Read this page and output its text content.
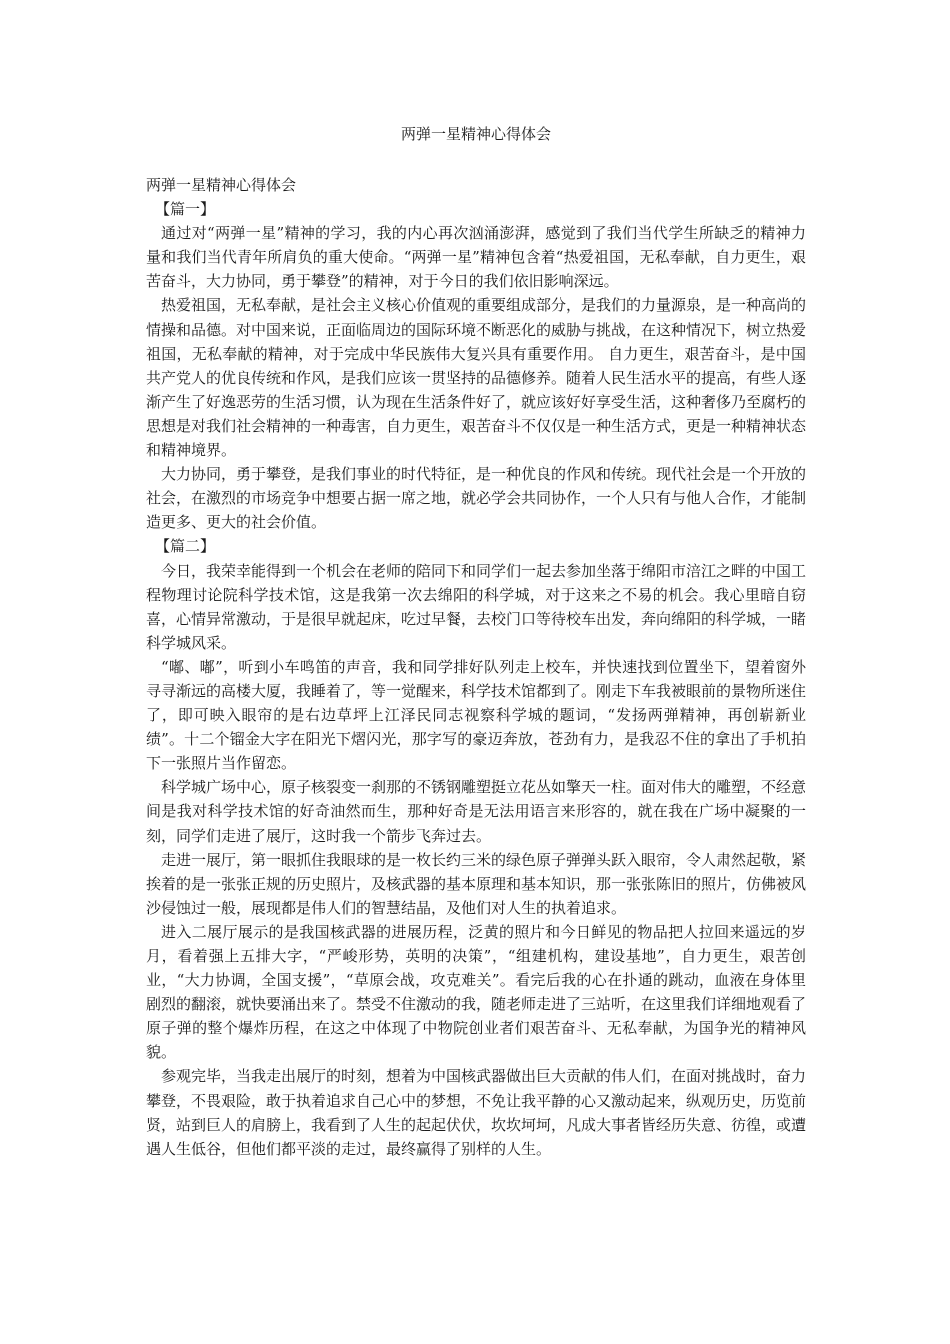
两弹一星精神心得体会

两弹一星精神心得体会

【篇一】

通过对“两弹一星”精神的学习，我的内心再次汹涌澎湃，感觉到了我们当代学生所缺乏的精神力量和我们当代青年所肩负的重大使命。“两弹一星”精神包含着“热爱祖国，无私奉献，自力更生，艰苦奋斗，大力协同，勇于攀登”的精神，对于今日的我们依旧影响深远。

热爱祖国，无私奉献，是社会主义核心价值观的重要组成部分，是我们的力量源泉，是一种高尚的情操和品德。对中国来说，正面临周边的国际环境不断恶化的威胁与挑战，在这种情况下，树立热爱祖国，无私奉献的精神，对于完成中华民族伟大复兴具有重要作用。 自力更生，艰苦奋斗，是中国共产党人的优良传统和作风，是我们应该一贯坚持的品德修养。随着人民生活水平的提高，有些人逐渐产生了好逸恶劳的生活习惯，认为现在生活条件好了，就应该好好享受生活，这种奢侈乃至腐朽的思想是对我们社会精神的一种毒害，自力更生，艰苦奋斗不仅仅是一种生活方式，更是一种精神状态和精神境界。

大力协同，勇于攀登，是我们事业的时代特征，是一种优良的作风和传统。现代社会是一个开放的社会，在激烈的市场竞争中想要占据一席之地，就必学会共同协作，一个人只有与他人合作，才能制造更多、更大的社会价值。

【篇二】

今日，我荣幸能得到一个机会在老师的陪同下和同学们一起去参加坐落于绵阳市涪江之畔的中国工程物理讨论院科学技术馆，这是我第一次去绵阳的科学城，对于这来之不易的机会。我心里暗自窃喜，心情异常激动，于是很早就起床，吃过早餐，去校门口等待校车出发，奔向绵阳的科学城，一睹科学城风采。

“嘟、嘟”，听到小车鸣笛的声音，我和同学排好队列走上校车，并快速找到位置坐下，望着窗外寻寻渐远的高楼大厦，我睡着了，等一觉醒来，科学技术馆都到了。刚走下车我被眼前的景物所迷住了，即可映入眼帘的是右边草坪上江泽民同志视察科学城的题词，“发扬两弹精神，再创崭新业绩”。十二个镏金大字在阳光下熠闪光，那字写的豪迈奔放，苍劲有力，是我忍不住的拿出了手机拍下一张照片当作留恋。

科学城广场中心，原子核裂变一刹那的不锈钢雕塑挺立花丛如擎天一柱。面对伟大的雕塑，不经意间是我对科学技术馆的好奇油然而生，那种好奇是无法用语言来形容的，就在我在广场中凝聚的一刻，同学们走进了展厅，这时我一个箭步飞奔过去。

走进一展厅，第一眼抓住我眼球的是一枚长约三米的绿色原子弹弹头跃入眼帘，令人肃然起敬，紧挨着的是一张张正规的历史照片，及核武器的基本原理和基本知识，那一张张陈旧的照片，仿佛被风沙侵蚀过一般，展现都是伟人们的智慧结晶，及他们对人生的执着追求。

进入二展厅展示的是我国核武器的进展历程，泛黄的照片和今日鲜见的物品把人拉回来遥远的岁月，看着强上五排大字，“严峻形势，英明的决策”，“组建机构，建设基地”，自力更生，艰苦创业，“大力协调，全国支援”，“草原会战，攻克难关”。看完后我的心在扑通的跳动，血液在身体里剧烈的翻滚，就快要涌出来了。禁受不住激动的我，随老师走进了三站听，在这里我们详细地观看了原子弹的整个爆炸历程，在这之中体现了中物院创业者们艰苦奋斗、无私奉献，为国争光的精神风貌。

参观完毕，当我走出展厅的时刻，想着为中国核武器做出巨大贡献的伟人们，在面对挑战时，奋力攀登，不畏艰险，敢于执着追求自己心中的梦想，不免让我平静的心又激动起来，纵观历史，历览前贤，站到巨人的肩膀上，我看到了人生的起起伏伏，坎坎坷坷，凡成大事者皆经历失意、彷徨，或遭遇人生低谷，但他们都平淡的走过，最终赢得了别样的人生。
